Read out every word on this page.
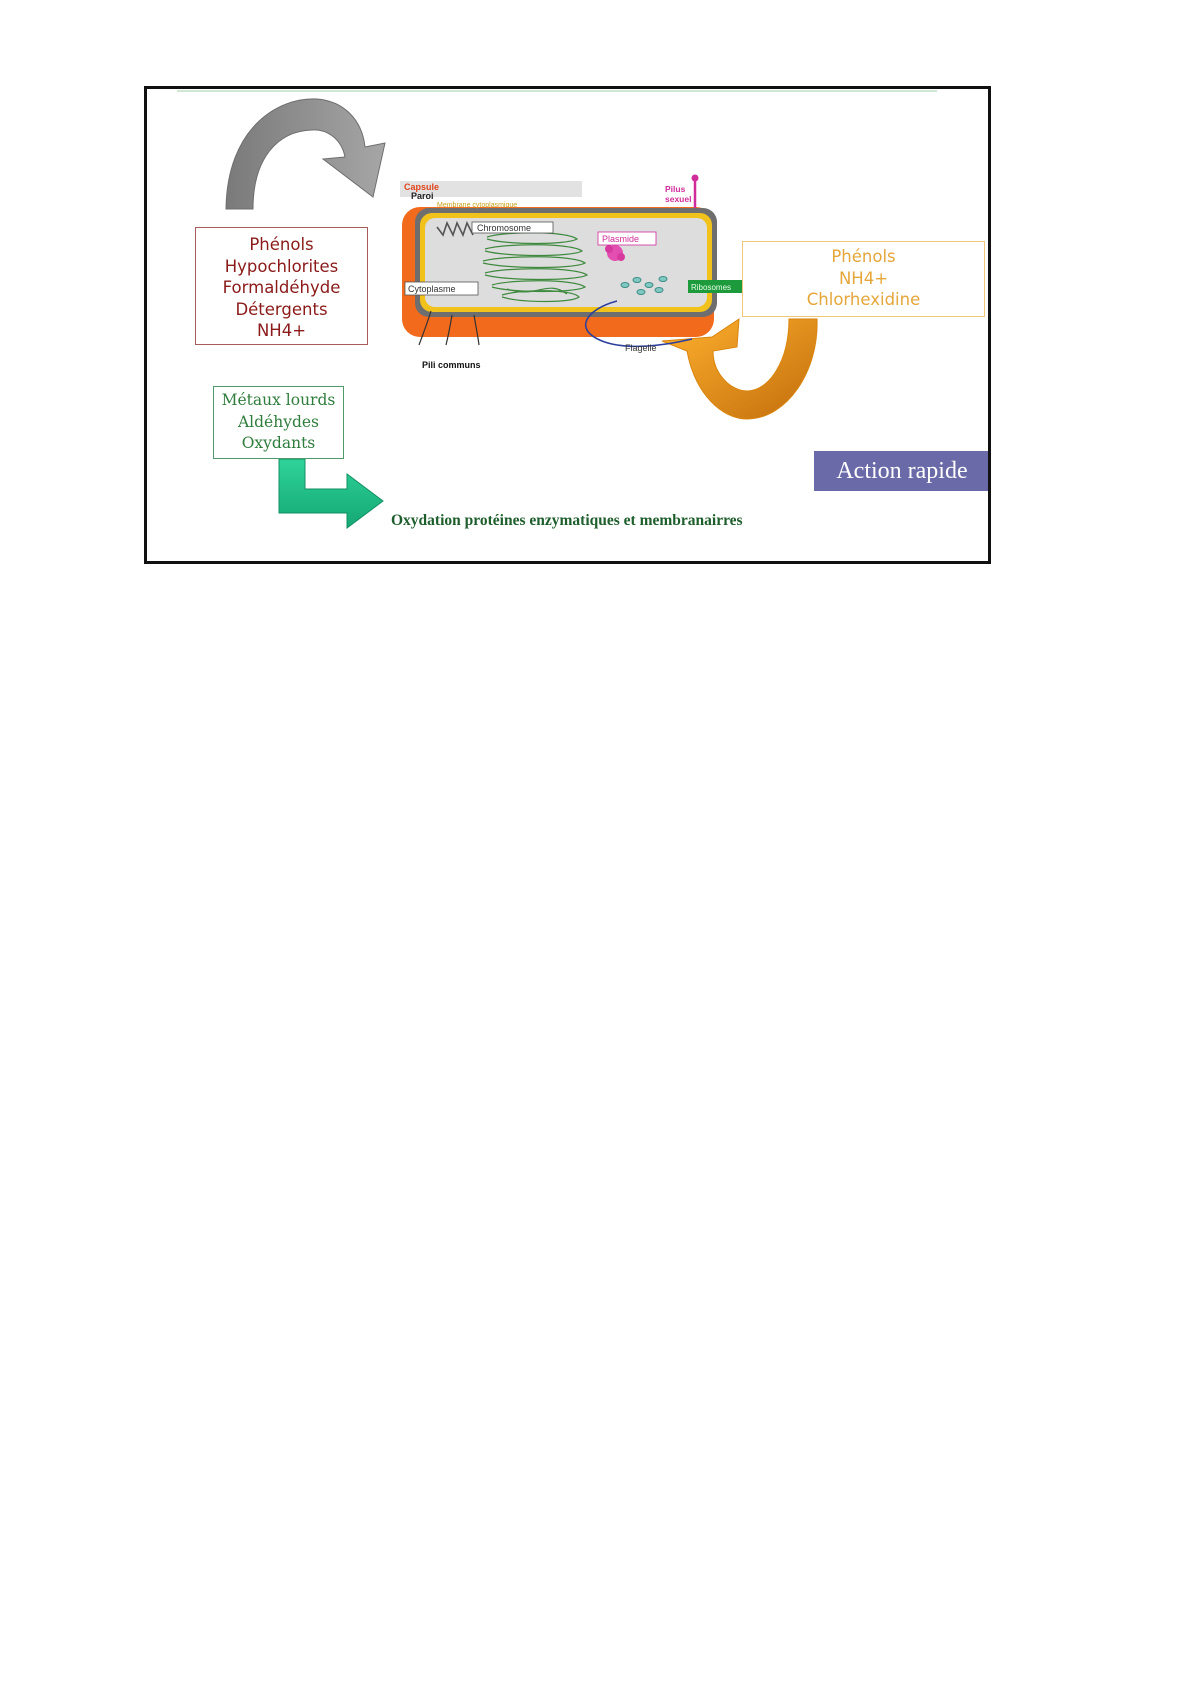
Capsule
Paroi
Membrane cytoplasmique
Pilus
sexuel
Chromosome
Plasmide
Cytoplasme	Ribosomes
Flagelle
Pili communs
Phénols
Hypochlorites
Formaldéhyde
Détergents
NH4+
Phénols
NH4+
Chlorhexidine
Métaux lourds
Aldéhydes
Oxydants
Oxydation protéines enzymatiques et membranairres
Action rapide
